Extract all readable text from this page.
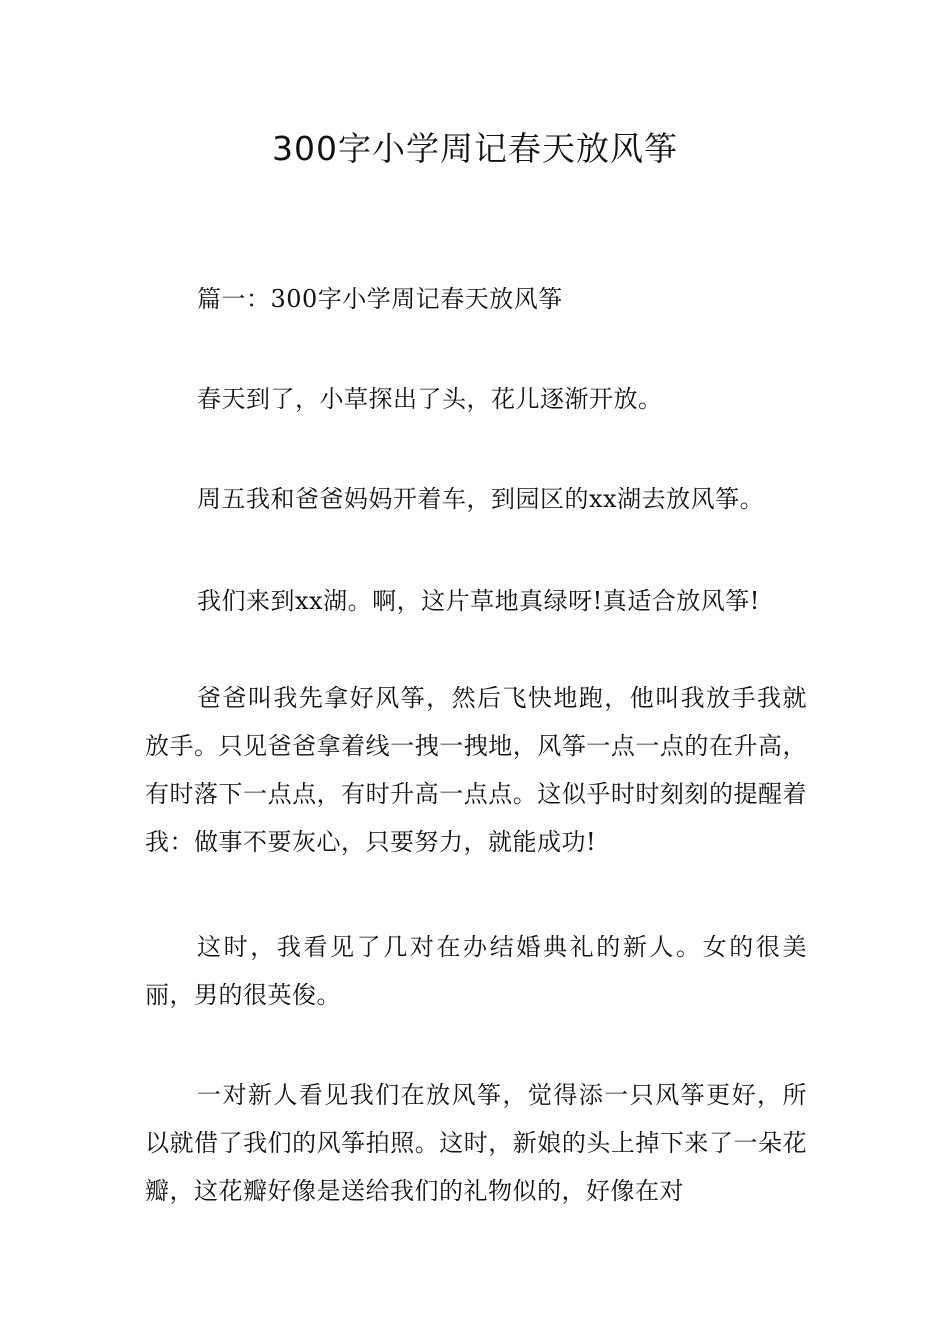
300字小学周记春天放风筝

篇一：300字小学周记春天放风筝

春天到了，小草探出了头，花儿逐渐开放。

周五我和爸爸妈妈开着车，到园区的xx湖去放风筝。

我们来到xx湖。啊，这片草地真绿呀!真适合放风筝!

爸爸叫我先拿好风筝，然后飞快地跑，他叫我放手我就放手。只见爸爸拿着线一拽一拽地，风筝一点一点的在升高，有时落下一点点，有时升高一点点。这似乎时时刻刻的提醒着我：做事不要灰心，只要努力，就能成功!

这时，我看见了几对在办结婚典礼的新人。女的很美丽，男的很英俊。

一对新人看见我们在放风筝，觉得添一只风筝更好，所以就借了我们的风筝拍照。这时，新娘的头上掉下来了一朵花瓣，这花瓣好像是送给我们的礼物似的，好像在对
